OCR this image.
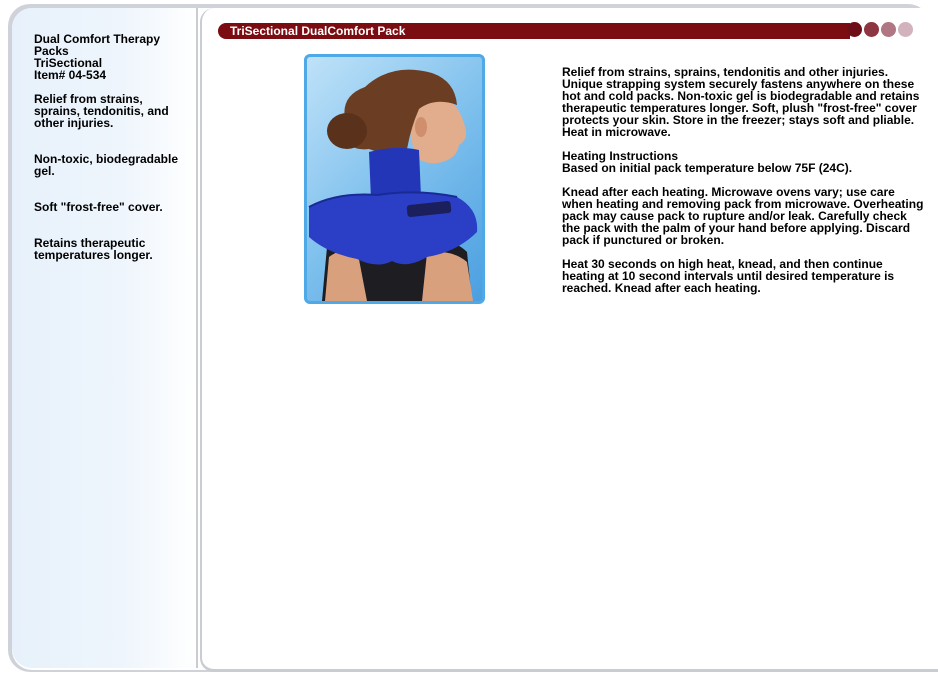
Dual Comfort Therapy Packs
TriSectional
Item# 04-534
Relief from strains, sprains, tendonitis, and other injuries.
Non-toxic, biodegradable gel.
Soft "frost-free" cover.
Retains therapeutic temperatures longer.
TriSectional DualComfort Pack

Relief from strains, sprains, tendonitis and other injuries. Unique strapping system securely fastens anywhere on these hot and cold packs. Non-toxic gel is biodegradable and retains therapeutic temperatures longer. Soft, plush "frost-free" cover protects your skin. Store in the freezer; stays soft and pliable. Heat in microwave.

Heating Instructions
Based on initial pack temperature below 75F (24C).

Knead after each heating. Microwave ovens vary; use care when heating and removing pack from microwave. Overheating pack may cause pack to rupture and/or leak. Carefully check the pack with the palm of your hand before applying. Discard pack if punctured or broken.

Heat 30 seconds on high heat, knead, and then continue heating at 10 second intervals until desired temperature is reached. Knead after each heating.
